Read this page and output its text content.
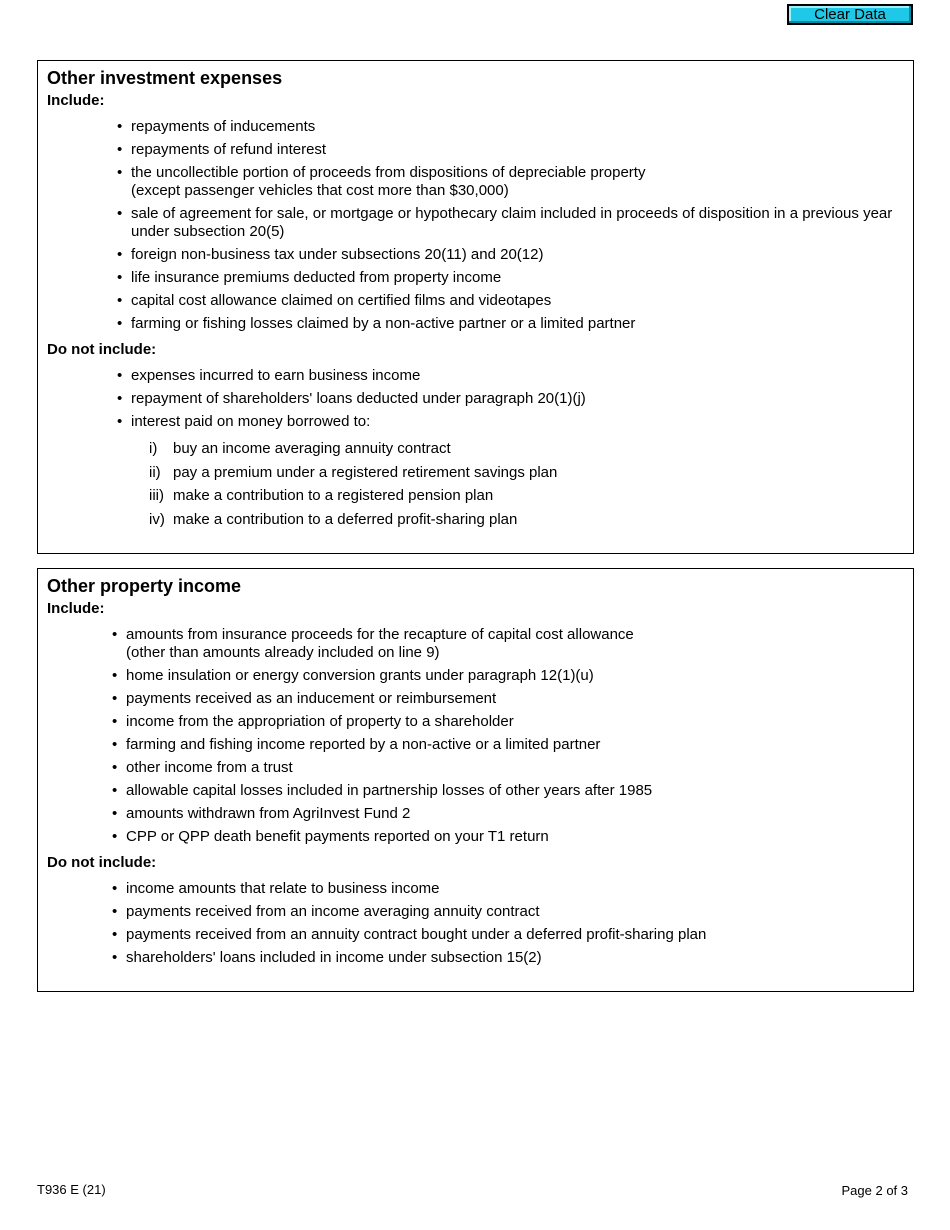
Clear Data
Other investment expenses
Include:
• repayments of inducements
• repayments of refund interest
• the uncollectible portion of proceeds from dispositions of depreciable property
(except passenger vehicles that cost more than $30,000)
• sale of agreement for sale, or mortgage or hypothecary claim included in proceeds of disposition in a previous year under subsection 20(5)
• foreign non-business tax under subsections 20(11) and 20(12)
• life insurance premiums deducted from property income
• capital cost allowance claimed on certified films and videotapes
• farming or fishing losses claimed by a non-active partner or a limited partner
Do not include:
• expenses incurred to earn business income
• repayment of shareholders' loans deducted under paragraph 20(1)(j)
• interest paid on money borrowed to:
i) buy an income averaging annuity contract
ii) pay a premium under a registered retirement savings plan
iii) make a contribution to a registered pension plan
iv) make a contribution to a deferred profit-sharing plan
Other property income
Include:
• amounts from insurance proceeds for the recapture of capital cost allowance
(other than amounts already included on line 9)
• home insulation or energy conversion grants under paragraph 12(1)(u)
• payments received as an inducement or reimbursement
• income from the appropriation of property to a shareholder
• farming and fishing income reported by a non-active or a limited partner
• other income from a trust
• allowable capital losses included in partnership losses of other years after 1985
• amounts withdrawn from AgriInvest Fund 2
• CPP or QPP death benefit payments reported on your T1 return
Do not include:
• income amounts that relate to business income
• payments received from an income averaging annuity contract
• payments received from an annuity contract bought under a deferred profit-sharing plan
• shareholders' loans included in income under subsection 15(2)
T936 E (21)	Page 2 of 3
